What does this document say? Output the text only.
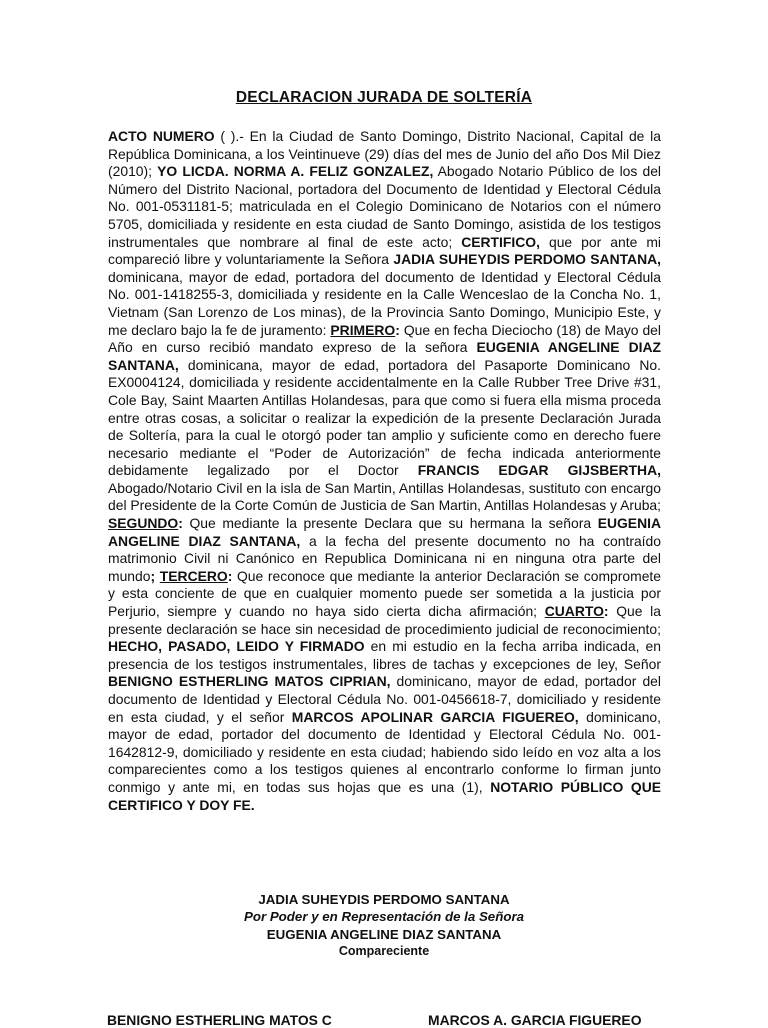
DECLARACION JURADA DE SOLTERÍA
ACTO NUMERO ( ).- En la Ciudad de Santo Domingo, Distrito Nacional, Capital de la República Dominicana, a los Veintinueve (29) días del mes de Junio del año Dos Mil Diez (2010); YO LICDA. NORMA A. FELIZ GONZALEZ, Abogado Notario Público de los del Número del Distrito Nacional, portadora del Documento de Identidad y Electoral Cédula No. 001-0531181-5; matriculada en el Colegio Dominicano de Notarios con el número 5705, domiciliada y residente en esta ciudad de Santo Domingo, asistida de los testigos instrumentales que nombrare al final de este acto; CERTIFICO, que por ante mi compareció libre y voluntariamente la Señora JADIA SUHEYDIS PERDOMO SANTANA, dominicana, mayor de edad, portadora del documento de Identidad y Electoral Cédula No. 001-1418255-3, domiciliada y residente en la Calle Wenceslao de la Concha No. 1, Vietnam (San Lorenzo de Los minas), de la Provincia Santo Domingo, Municipio Este, y me declaro bajo la fe de juramento: PRIMERO: Que en fecha Dieciocho (18) de Mayo del Año en curso recibió mandato expreso de la señora EUGENIA ANGELINE DIAZ SANTANA, dominicana, mayor de edad, portadora del Pasaporte Dominicano No. EX0004124, domiciliada y residente accidentalmente en la Calle Rubber Tree Drive #31, Cole Bay, Saint Maarten Antillas Holandesas, para que como si fuera ella misma proceda entre otras cosas, a solicitar o realizar la expedición de la presente Declaración Jurada de Soltería, para la cual le otorgó poder tan amplio y suficiente como en derecho fuere necesario mediante el “Poder de Autorización” de fecha indicada anteriormente debidamente legalizado por el Doctor FRANCIS EDGAR GIJSBERTHA, Abogado/Notario Civil en la isla de San Martin, Antillas Holandesas, sustituto con encargo del Presidente de la Corte Común de Justicia de San Martin, Antillas Holandesas y Aruba; SEGUNDO: Que mediante la presente Declara que su hermana la señora EUGENIA ANGELINE DIAZ SANTANA, a la fecha del presente documento no ha contraído matrimonio Civil ni Canónico en Republica Dominicana ni en ninguna otra parte del mundo; TERCERO: Que reconoce que mediante la anterior Declaración se compromete y esta conciente de que en cualquier momento puede ser sometida a la justicia por Perjurio, siempre y cuando no haya sido cierta dicha afirmación; CUARTO: Que la presente declaración se hace sin necesidad de procedimiento judicial de reconocimiento; HECHO, PASADO, LEIDO Y FIRMADO en mi estudio en la fecha arriba indicada, en presencia de los testigos instrumentales, libres de tachas y excepciones de ley, Señor BENIGNO ESTHERLING MATOS CIPRIAN, dominicano, mayor de edad, portador del documento de Identidad y Electoral Cédula No. 001-0456618-7, domiciliado y residente en esta ciudad, y el señor MARCOS APOLINAR GARCIA FIGUEREO, dominicano, mayor de edad, portador del documento de Identidad y Electoral Cédula No. 001-1642812-9, domiciliado y residente en esta ciudad; habiendo sido leído en voz alta a los comparecientes como a los testigos quienes al encontrarlo conforme lo firman junto conmigo y ante mi, en todas sus hojas que es una (1), NOTARIO PÚBLICO QUE CERTIFICO Y DOY FE.
JADIA SUHEYDIS PERDOMO SANTANA
Por Poder y en Representación de la Señora
EUGENIA ANGELINE DIAZ SANTANA
Compareciente
BENIGNO ESTHERLING MATOS C	MARCOS A. GARCIA FIGUEREO
